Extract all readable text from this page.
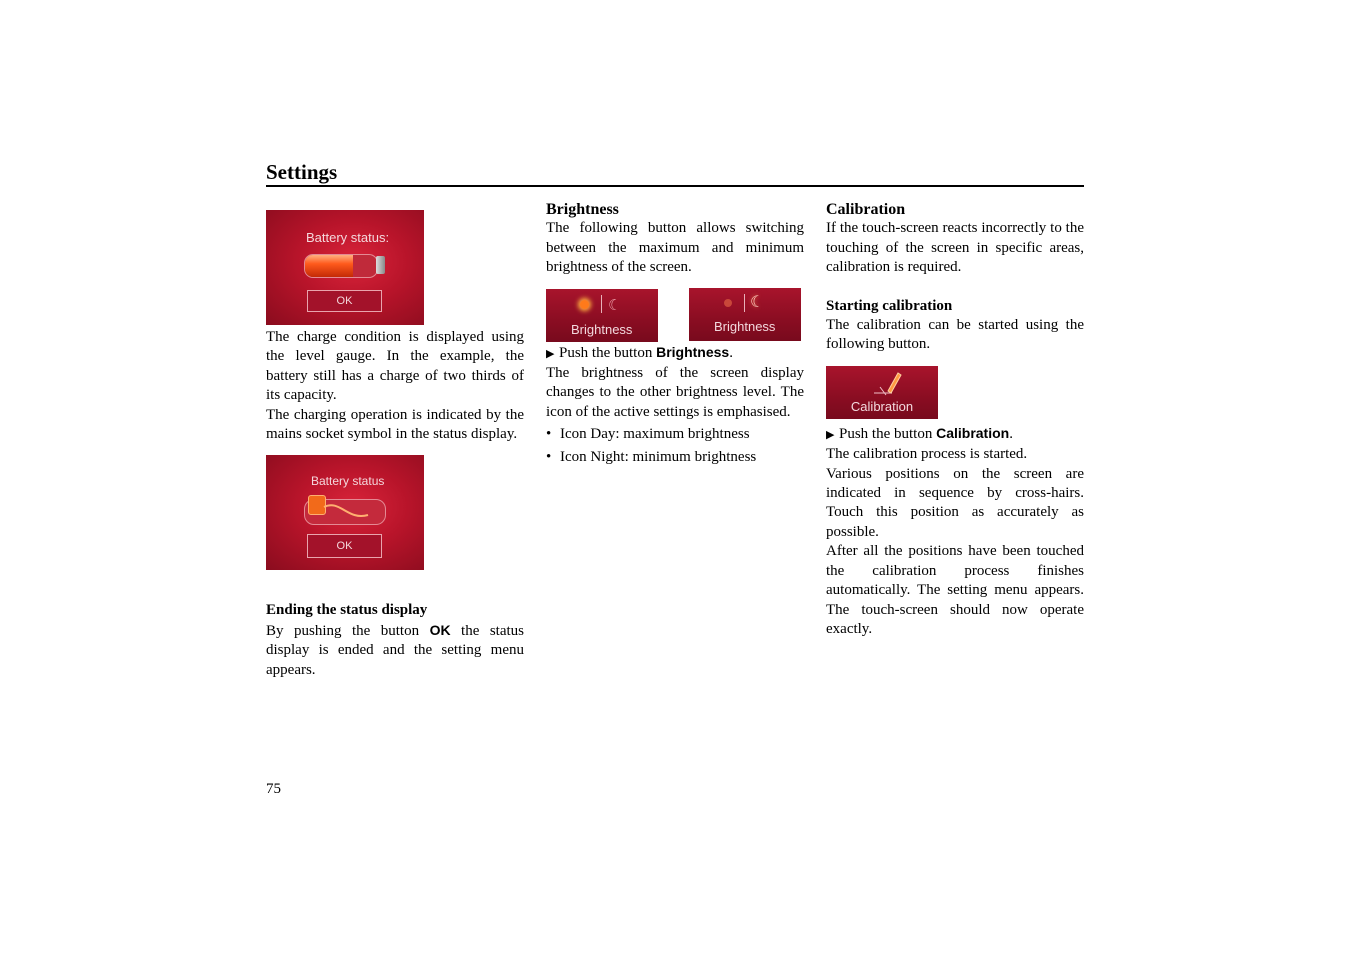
Settings
Battery status:
OK

The charge condition is displayed using the level gauge. In the example, the battery still has a charge of two thirds of its capacity.

The charging operation is indicated by the mains socket symbol in the status display.

Battery status
OK
Ending the status display

By pushing the button OK the status display is ended and the setting menu appears.

Brightness

The following button allows switching between the maximum and minimum brightness of the screen.

☾
Brightness
☾
Brightness

▶ Push the button Brightness.

The brightness of the screen display changes to the other brightness level. The icon of the active settings is emphasised.

• Icon Day: maximum brightness
• Icon Night: minimum brightness
Calibration

If the touch-screen reacts incorrectly to the touching of the screen in specific areas, calibration is required.

Starting calibration

The calibration can be started using the following button.

Calibration

▶ Push the button Calibration.

The calibration process is started.

Various positions on the screen are indicated in sequence by cross-hairs. Touch this position as accurately as possible.

After all the positions have been touched the calibration process finishes automatically. The setting menu appears. The touch-screen should now operate exactly.

75
